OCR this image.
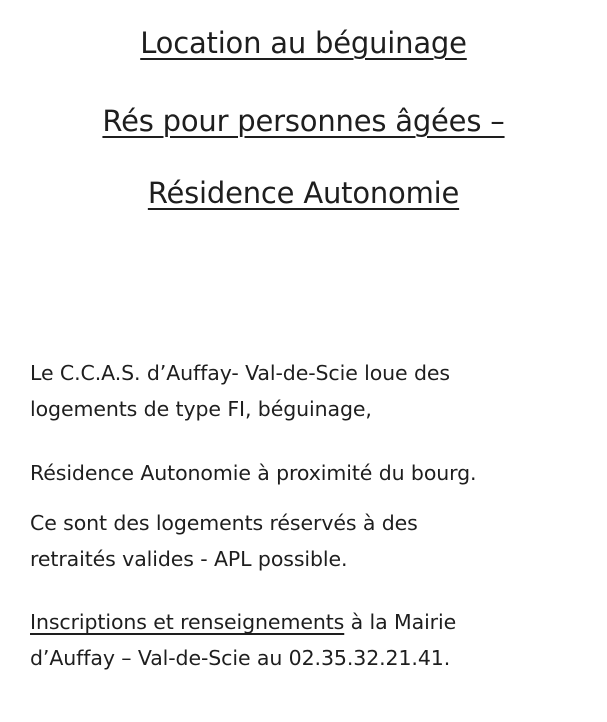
Location au béguinage
Rés pour personnes âgées –
Résidence Autonomie

Le C.C.A.S. d’Auffay- Val-de-Scie loue des
logements de type FI, béguinage,

Résidence Autonomie à proximité du bourg.

Ce sont des logements réservés à des
retraités valides - APL possible.

Inscriptions et renseignements à la Mairie
d’Auffay – Val-de-Scie au 02.35.32.21.41.
